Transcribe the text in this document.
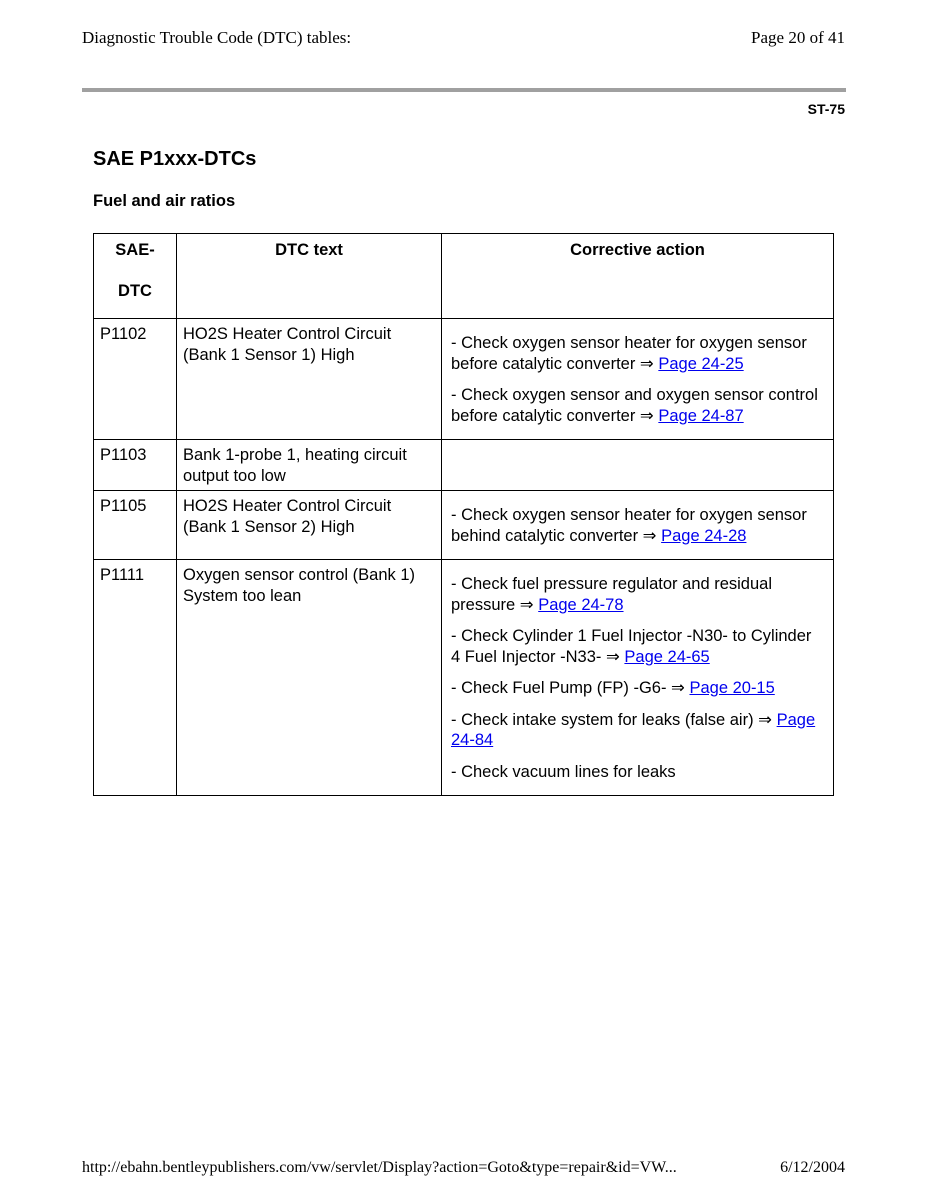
Diagnostic Trouble Code (DTC) tables:	Page 20 of 41
ST-75
SAE P1xxx-DTCs
Fuel and air ratios
SAE-
DTC	DTC text	Corrective action
P1102	HO2S Heater Control Circuit (Bank 1 Sensor 1) High	- Check oxygen sensor heater for oxygen sensor before catalytic converter ⇒ Page 24-25
- Check oxygen sensor and oxygen sensor control before catalytic converter ⇒ Page 24-87

P1103	Bank 1-probe 1, heating circuit output too low	
P1105	HO2S Heater Control Circuit (Bank 1 Sensor 2) High	- Check oxygen sensor heater for oxygen sensor behind catalytic converter ⇒ Page 24-28

P1111	Oxygen sensor control (Bank 1) System too lean	- Check fuel pressure regulator and residual pressure ⇒ Page 24-78
- Check Cylinder 1 Fuel Injector -N30- to Cylinder 4 Fuel Injector -N33- ⇒ Page 24-65
- Check Fuel Pump (FP) -G6- ⇒ Page 20-15
- Check intake system for leaks (false air) ⇒ Page 24-84
- Check vacuum lines for leaks
http://ebahn.bentleypublishers.com/vw/servlet/Display?action=Goto&type=repair&id=VW...	6/12/2004
